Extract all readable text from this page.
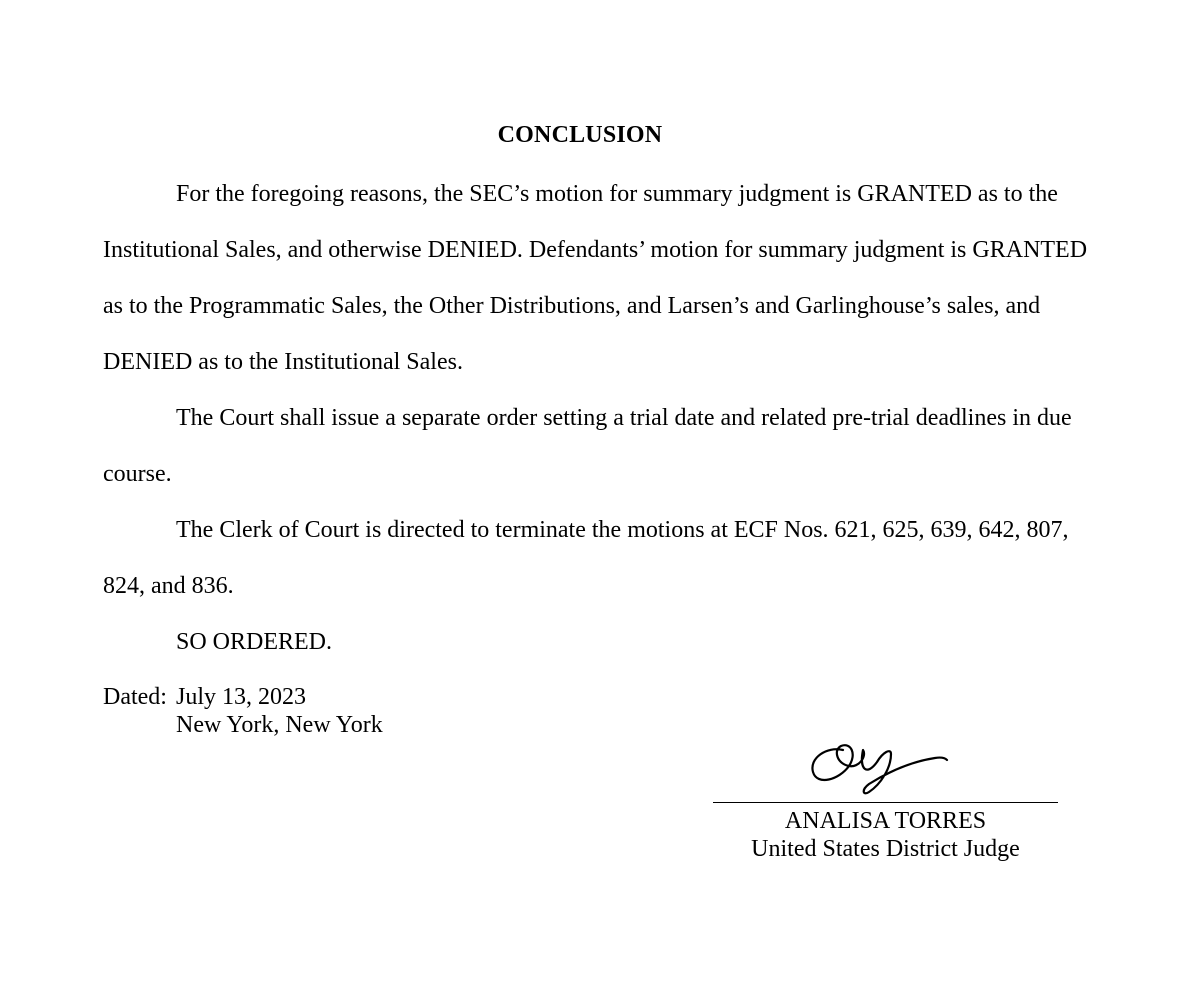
CONCLUSION

For the foregoing reasons, the SEC’s motion for summary judgment is GRANTED as to the Institutional Sales, and otherwise DENIED. Defendants’ motion for summary judgment is GRANTED as to the Programmatic Sales, the Other Distributions, and Larsen’s and Garlinghouse’s sales, and DENIED as to the Institutional Sales.

The Court shall issue a separate order setting a trial date and related pre-trial deadlines in due course.

The Clerk of Court is directed to terminate the motions at ECF Nos. 621, 625, 639, 642, 807, 824, and 836.

SO ORDERED.

Dated: July 13, 2023
New York, New York
ANALISA TORRES
United States District Judge
